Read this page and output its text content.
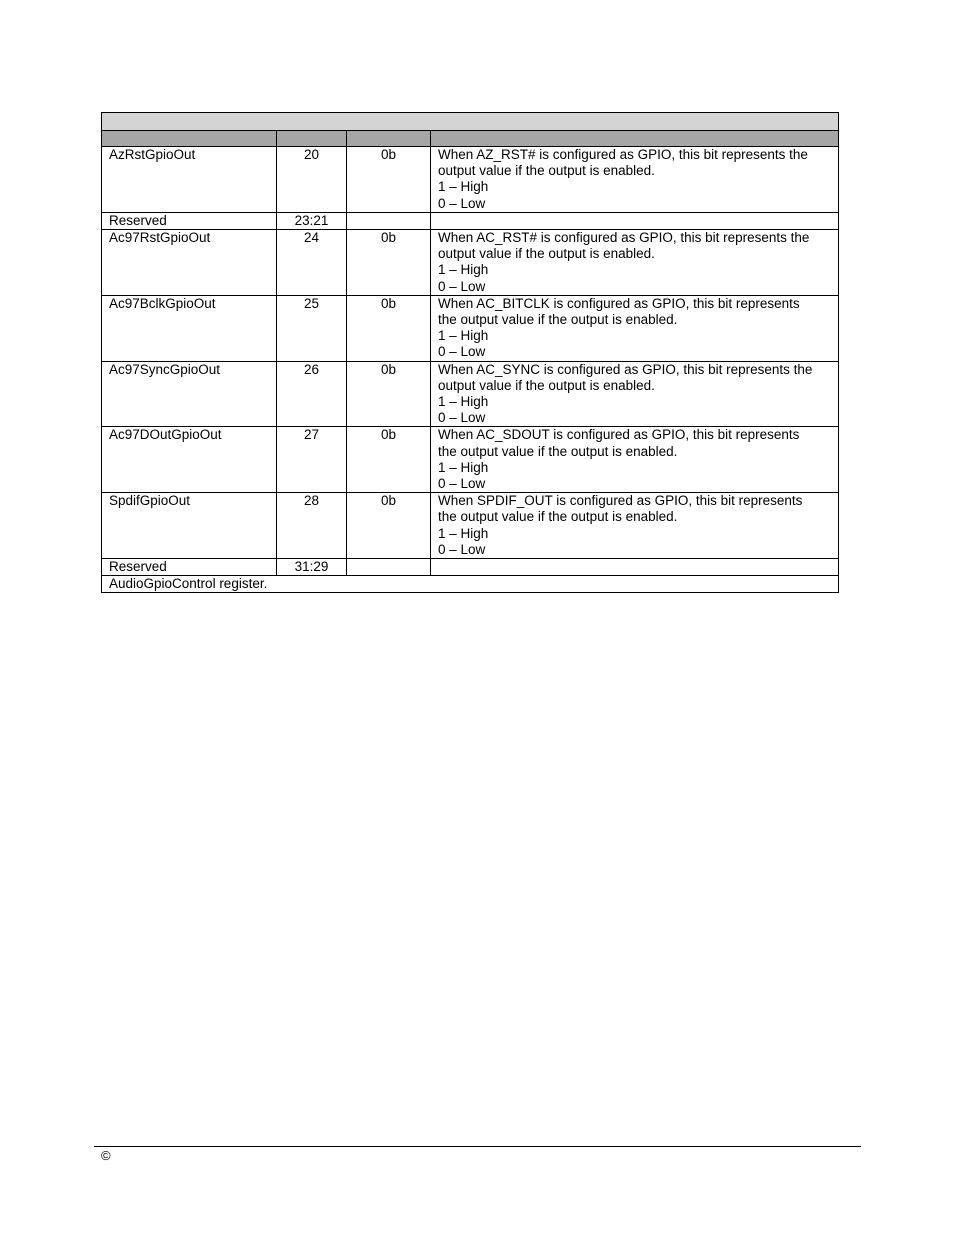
AzRstGpioOut	20	0b	When AZ_RST# is configured as GPIO, this bit represents the
output value if the output is enabled.
1 – High
0 – Low

Reserved	23:21		
Ac97RstGpioOut	24	0b	When AC_RST# is configured as GPIO, this bit represents the
output value if the output is enabled.
1 – High
0 – Low

Ac97BclkGpioOut	25	0b	When AC_BITCLK is configured as GPIO, this bit represents
the output value if the output is enabled.
1 – High
0 – Low

Ac97SyncGpioOut	26	0b	When AC_SYNC is configured as GPIO, this bit represents the
output value if the output is enabled.
1 – High
0 – Low

Ac97DOutGpioOut	27	0b	When AC_SDOUT is configured as GPIO, this bit represents
the output value if the output is enabled.
1 – High
0 – Low

SpdifGpioOut	28	0b	When SPDIF_OUT is configured as GPIO, this bit represents
the output value if the output is enabled.
1 – High
0 – Low

Reserved	31:29		
AudioGpioControl register.			
©
